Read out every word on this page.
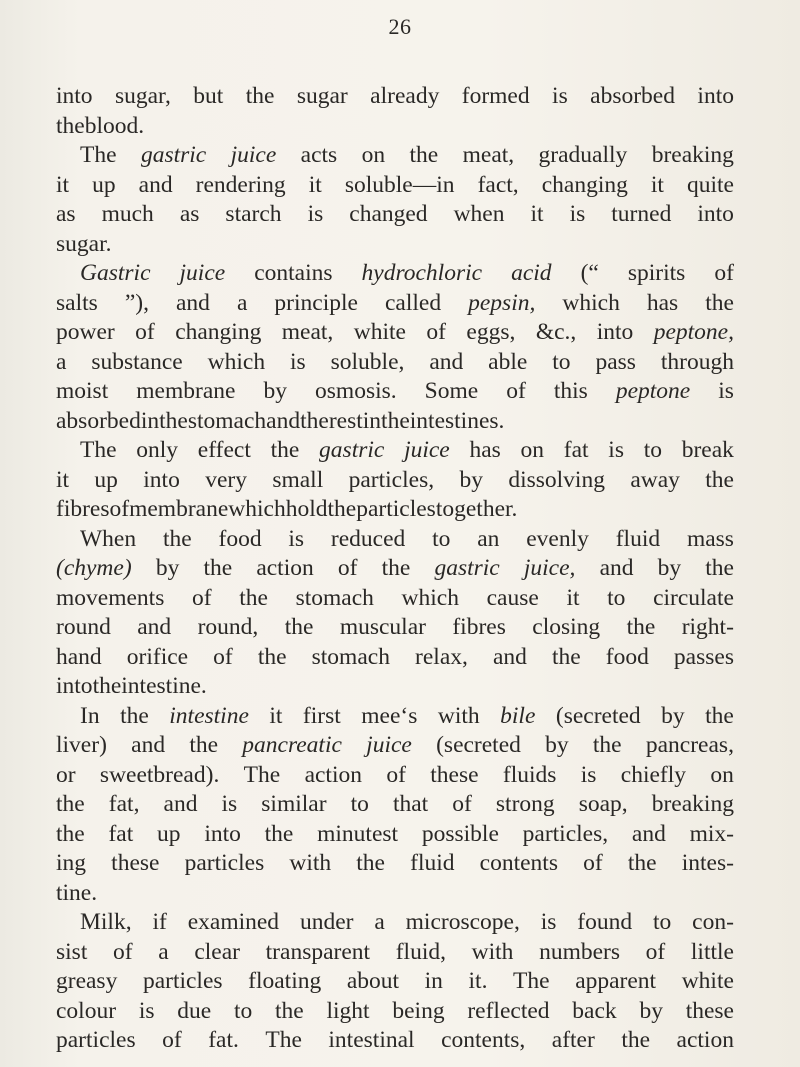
26
into sugar, but the sugar already formed is absorbed into
the blood.
The gastric juice acts on the meat, gradually breaking
it up and rendering it soluble—in fact, changing it quite
as much as starch is changed when it is turned into
sugar.
Gastric juice contains hydrochloric acid (“ spirits of
salts ”), and a principle called pepsin, which has the
power of changing meat, white of eggs, &c., into peptone,
a substance which is soluble, and able to pass through
moist membrane by osmosis. Some of this peptone is
absorbed in the stomach and the rest in the intestines.
The only effect the gastric juice has on fat is to break
it up into very small particles, by dissolving away the
fibres of membrane which hold the particles together.
When the food is reduced to an evenly fluid mass
(chyme) by the action of the gastric juice, and by the
movements of the stomach which cause it to circulate
round and round, the muscular fibres closing the right-
hand orifice of the stomach relax, and the food passes
into the intestine.
In the intestine it first mee‘s with bile (secreted by the
liver) and the pancreatic juice (secreted by the pancreas,
or sweetbread). The action of these fluids is chiefly on
the fat, and is similar to that of strong soap, breaking
the fat up into the minutest possible particles, and mix-
ing these particles with the fluid contents of the intes-
tine.
Milk, if examined under a microscope, is found to con-
sist of a clear transparent fluid, with numbers of little
greasy particles floating about in it. The apparent white
colour is due to the light being reflected back by these
particles of fat. The intestinal contents, after the action
